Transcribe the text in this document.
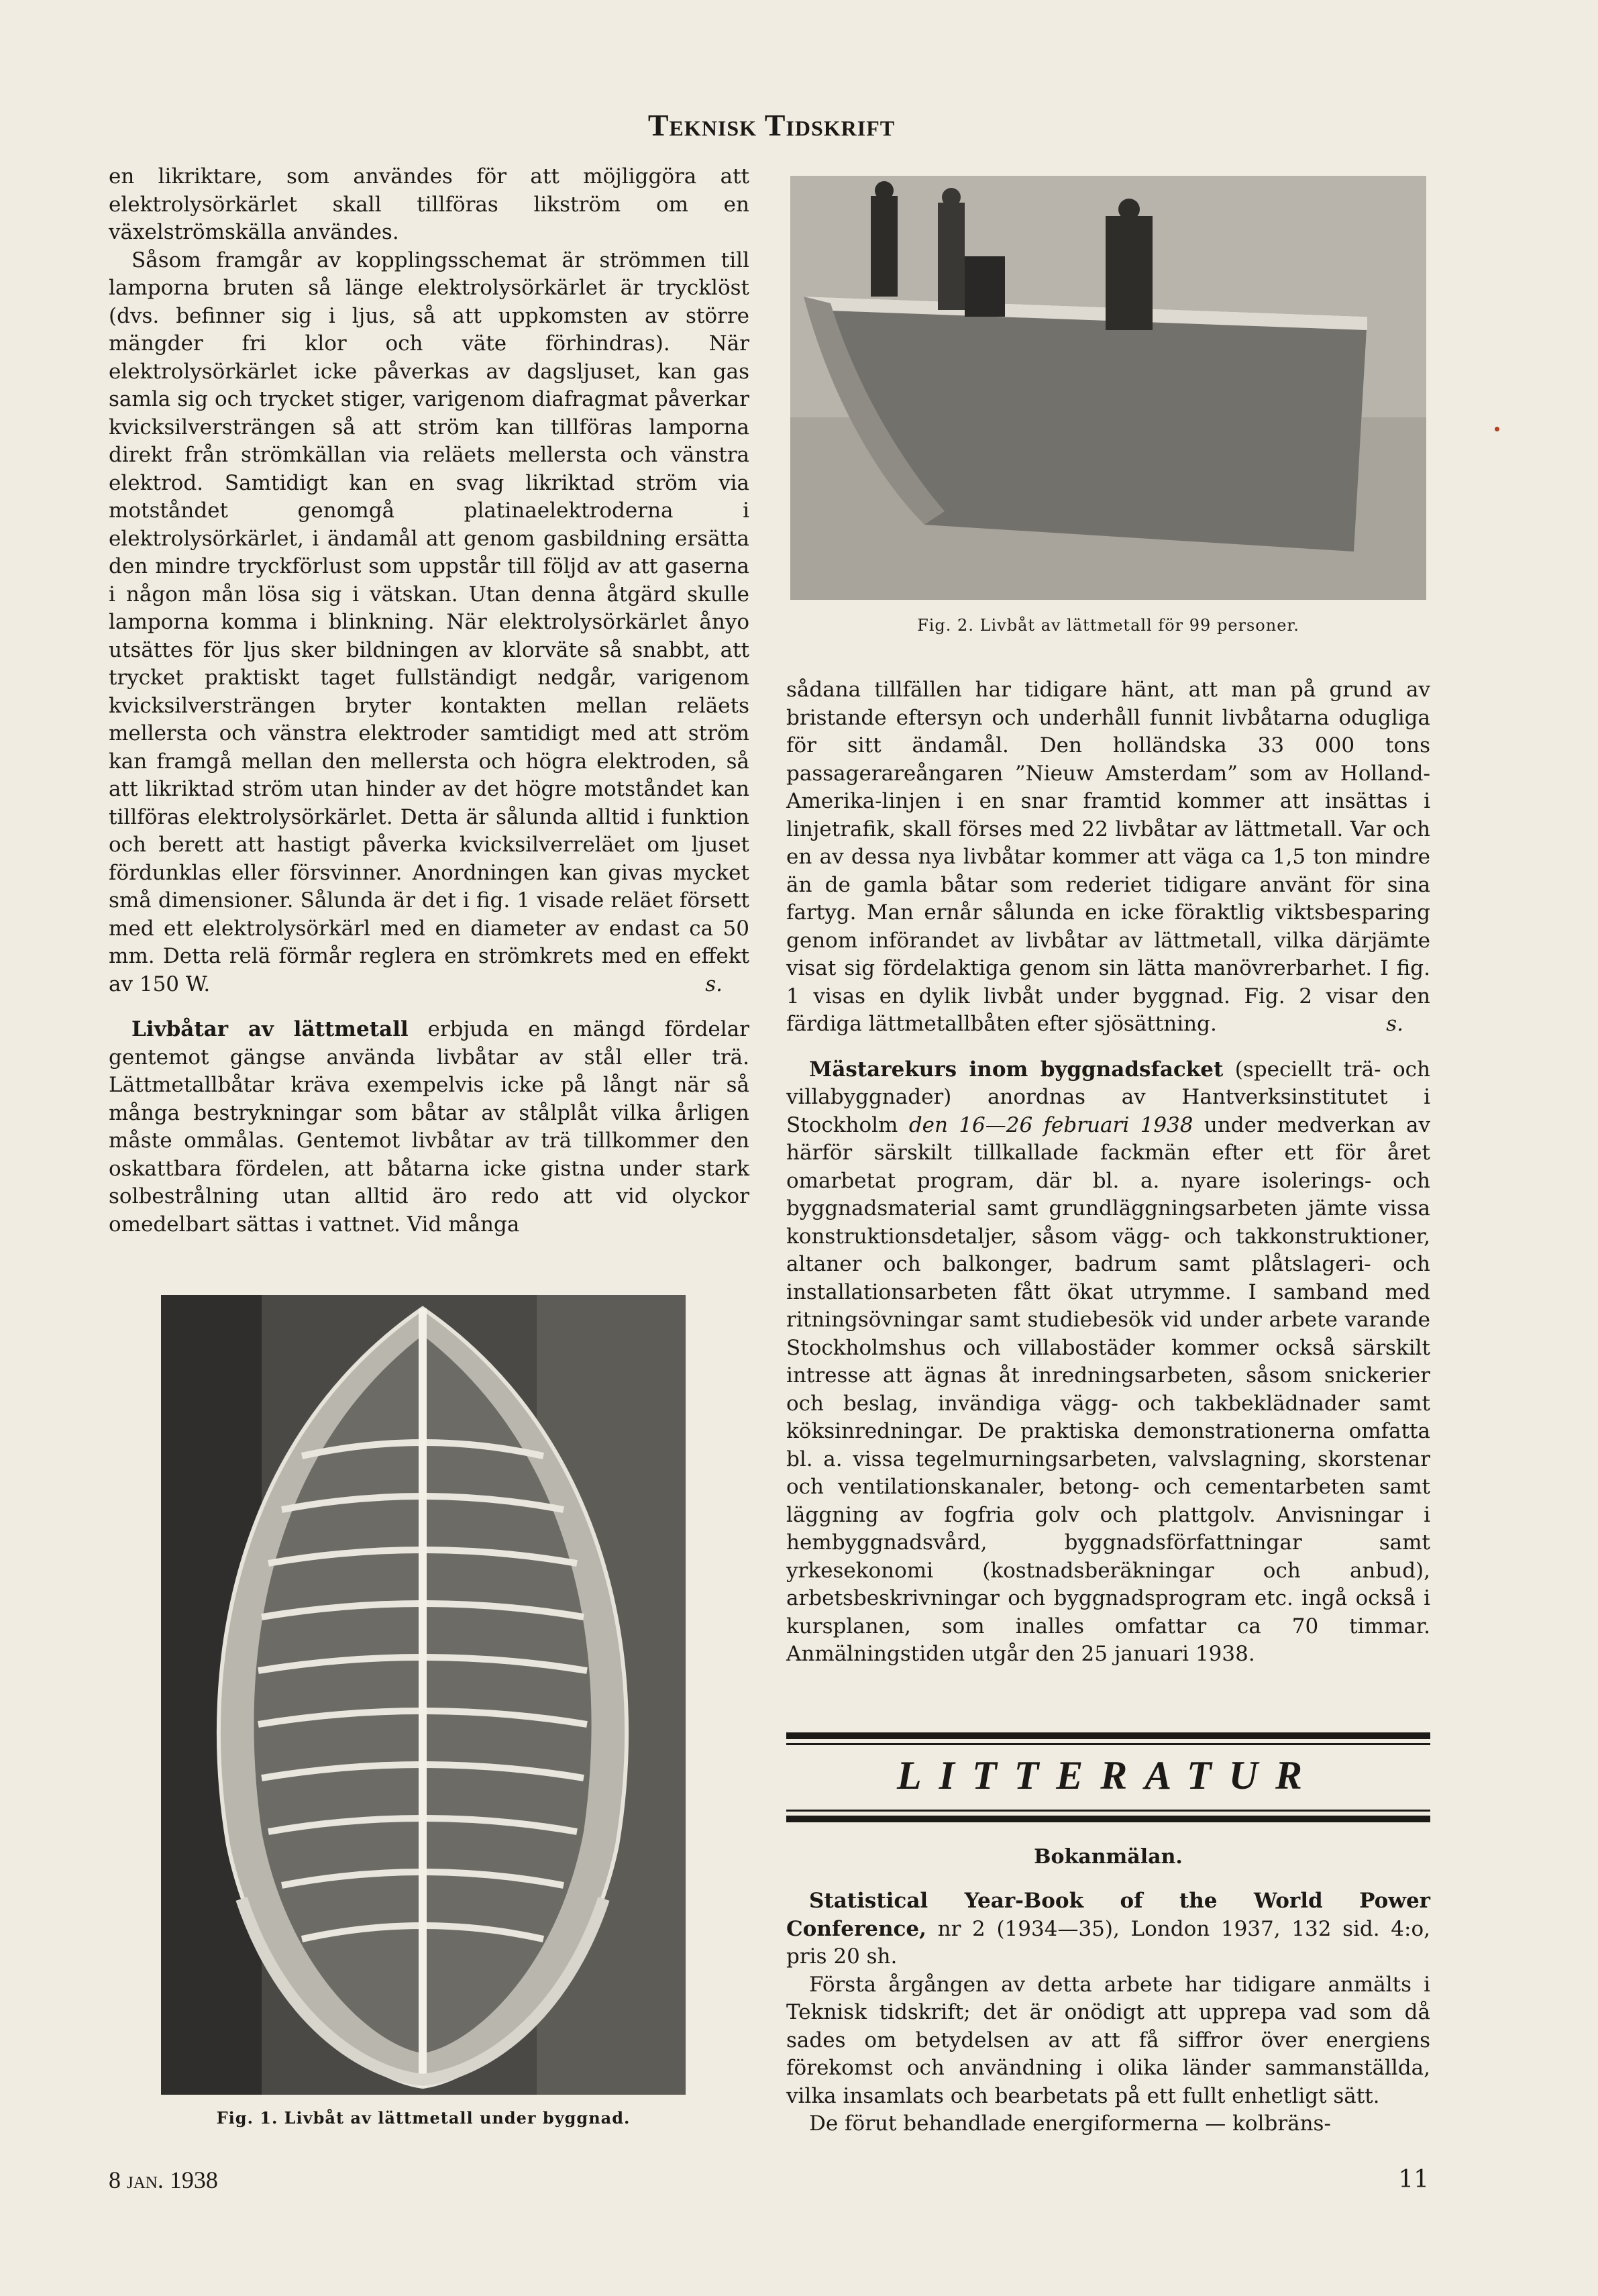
Teknisk Tidskrift

en likriktare, som användes för att möjliggöra att elektrolysörkärlet skall tillföras likström om en växelströmskälla användes.

Såsom framgår av kopplingsschemat är strömmen till lamporna bruten så länge elektrolysörkärlet är trycklöst (dvs. befinner sig i ljus, så att uppkomsten av större mängder fri klor och väte förhindras). När elektrolysörkärlet icke påverkas av dagsljuset, kan gas samla sig och trycket stiger, varigenom diafragmat påverkar kvicksilversträngen så att ström kan tillföras lamporna direkt från strömkällan via reläets mellersta och vänstra elektrod. Samtidigt kan en svag likriktad ström via motståndet genomgå platinaelektroderna i elektrolysörkärlet, i ändamål att genom gasbildning ersätta den mindre tryckförlust som uppstår till följd av att gaserna i någon mån lösa sig i vätskan. Utan denna åtgärd skulle lamporna komma i blinkning. När elektrolysörkärlet ånyo utsättes för ljus sker bildningen av klorväte så snabbt, att trycket praktiskt taget fullständigt nedgår, varigenom kvicksilversträngen bryter kontakten mellan reläets mellersta och vänstra elektroder samtidigt med att ström kan framgå mellan den mellersta och högra elektroden, så att likriktad ström utan hinder av det högre motståndet kan tillföras elektrolysörkärlet. Detta är sålunda alltid i funktion och berett att hastigt påverka kvicksilverreläet om ljuset fördunklas eller försvinner. Anordningen kan givas mycket små dimensioner. Sålunda är det i fig. 1 visade reläet försett med ett elektrolysörkärl med en diameter av endast ca 50 mm. Detta relä förmår reglera en strömkrets med en effekt av 150 W.	s.

Livbåtar av lättmetall erbjuda en mängd fördelar gentemot gängse använda livbåtar av stål eller trä. Lättmetallbåtar kräva exempelvis icke på långt när så många bestrykningar som båtar av stålplåt vilka årligen måste ommålas. Gentemot livbåtar av trä tillkommer den oskattbara fördelen, att båtarna icke gistna under stark solbestrålning utan alltid äro redo att vid olyckor omedelbart sättas i vattnet. Vid många

Fig. 1. Livbåt av lättmetall under byggnad.
Fig. 2. Livbåt av lättmetall för 99 personer.

sådana tillfällen har tidigare hänt, att man på grund av bristande eftersyn och underhåll funnit livbåtarna odugliga för sitt ändamål. Den holländska 33 000 tons passagerareångaren ”Nieuw Amsterdam” som av Holland-Amerika-linjen i en snar framtid kommer att insättas i linjetrafik, skall förses med 22 livbåtar av lättmetall. Var och en av dessa nya livbåtar kommer att väga ca 1,5 ton mindre än de gamla båtar som rederiet tidigare använt för sina fartyg. Man ernår sålunda en icke föraktlig viktsbesparing genom införandet av livbåtar av lättmetall, vilka därjämte visat sig fördelaktiga genom sin lätta manövrerbarhet. I fig. 1 visas en dylik livbåt under byggnad. Fig. 2 visar den färdiga lättmetallbåten efter sjösättning.	s.

Mästarekurs inom byggnadsfacket (speciellt trä- och villabyggnader) anordnas av Hantverksinstitutet i Stockholm den 16—26 februari 1938 under medverkan av härför särskilt tillkallade fackmän efter ett för året omarbetat program, där bl. a. nyare isolerings- och byggnadsmaterial samt grundläggningsarbeten jämte vissa konstruktionsdetaljer, såsom vägg- och takkonstruktioner, altaner och balkonger, badrum samt plåtslageri- och installationsarbeten fått ökat utrymme. I samband med ritningsövningar samt studiebesök vid under arbete varande Stockholmshus och villabostäder kommer också särskilt intresse att ägnas åt inredningsarbeten, såsom snickerier och beslag, invändiga vägg- och takbeklädnader samt köksinredningar. De praktiska demonstrationerna omfatta bl. a. vissa tegelmurningsarbeten, valvslagning, skorstenar och ventilationskanaler, betong- och cementarbeten samt läggning av fogfria golv och plattgolv. Anvisningar i hembyggnadsvård, byggnadsförfattningar samt yrkesekonomi (kostnadsberäkningar och anbud), arbetsbeskrivningar och byggnadsprogram etc. ingå också i kursplanen, som inalles omfattar ca 70 timmar. Anmälningstiden utgår den 25 januari 1938.

LITTERATUR
Bokanmälan.

Statistical Year-Book of the World Power Conference, nr 2 (1934—35), London 1937, 132 sid. 4:o, pris 20 sh.

Första årgången av detta arbete har tidigare anmälts i Teknisk tidskrift; det är onödigt att upprepa vad som då sades om betydelsen av att få siffror över energiens förekomst och användning i olika länder sammanställda, vilka insamlats och bearbetats på ett fullt enhetligt sätt.

De förut behandlade energiformerna — kolbräns-

8 jan. 1938	11
